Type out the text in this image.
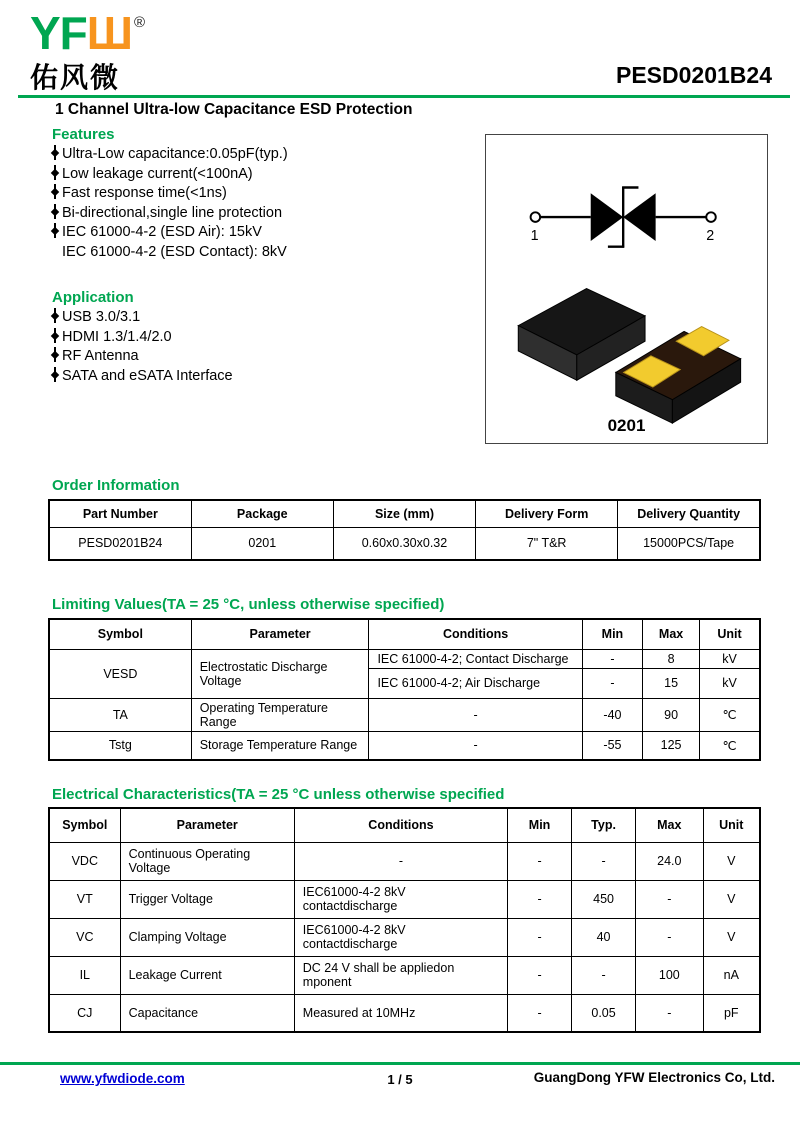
YFШ ®
佑风微	PESD0201B24
1 Channel Ultra-low Capacitance ESD Protection
Features
Ultra-Low capacitance:0.05pF(typ.)
Low leakage current(<100nA)
Fast response time(<1ns)
Bi-directional,single line protection
IEC 61000-4-2 (ESD Air): 15kV
IEC 61000-4-2 (ESD Contact): 8kV
Application
USB 3.0/3.1
HDMI 1.3/1.4/2.0
RF Antenna
SATA and eSATA Interface
1	2
0201
Order Information
Part Number	Package	Size (mm)	Delivery Form	Delivery Quantity
PESD0201B24	0201	0.60x0.30x0.32	7" T&R	15000PCS/Tape
Limiting Values(TA = 25 °C, unless otherwise specified)
Symbol	Parameter	Conditions	Min	Max	Unit
VESD	Electrostatic Discharge Voltage	IEC 61000-4-2; Contact Discharge	-	8	kV
		IEC 61000-4-2; Air Discharge	-	15	kV
TA	Operating Temperature Range	-	-40	90	℃
Tstg	Storage Temperature Range	-	-55	125	℃
Electrical Characteristics(TA = 25 °C unless otherwise specified
Symbol	Parameter	Conditions	Min	Typ.	Max	Unit
VDC	Continuous Operating Voltage	-	-	-	24.0	V
VT	Trigger Voltage	IEC61000-4-2 8kV contactdischarge	-	450	-	V
VC	Clamping Voltage	IEC61000-4-2 8kV contactdischarge	-	40	-	V
IL	Leakage Current	DC 24 V shall be appliedon mponent	-	-	100	nA
CJ	Capacitance	Measured at 10MHz	-	0.05	-	pF
www.yfwdiode.com	1 / 5	GuangDong YFW Electronics Co, Ltd.
